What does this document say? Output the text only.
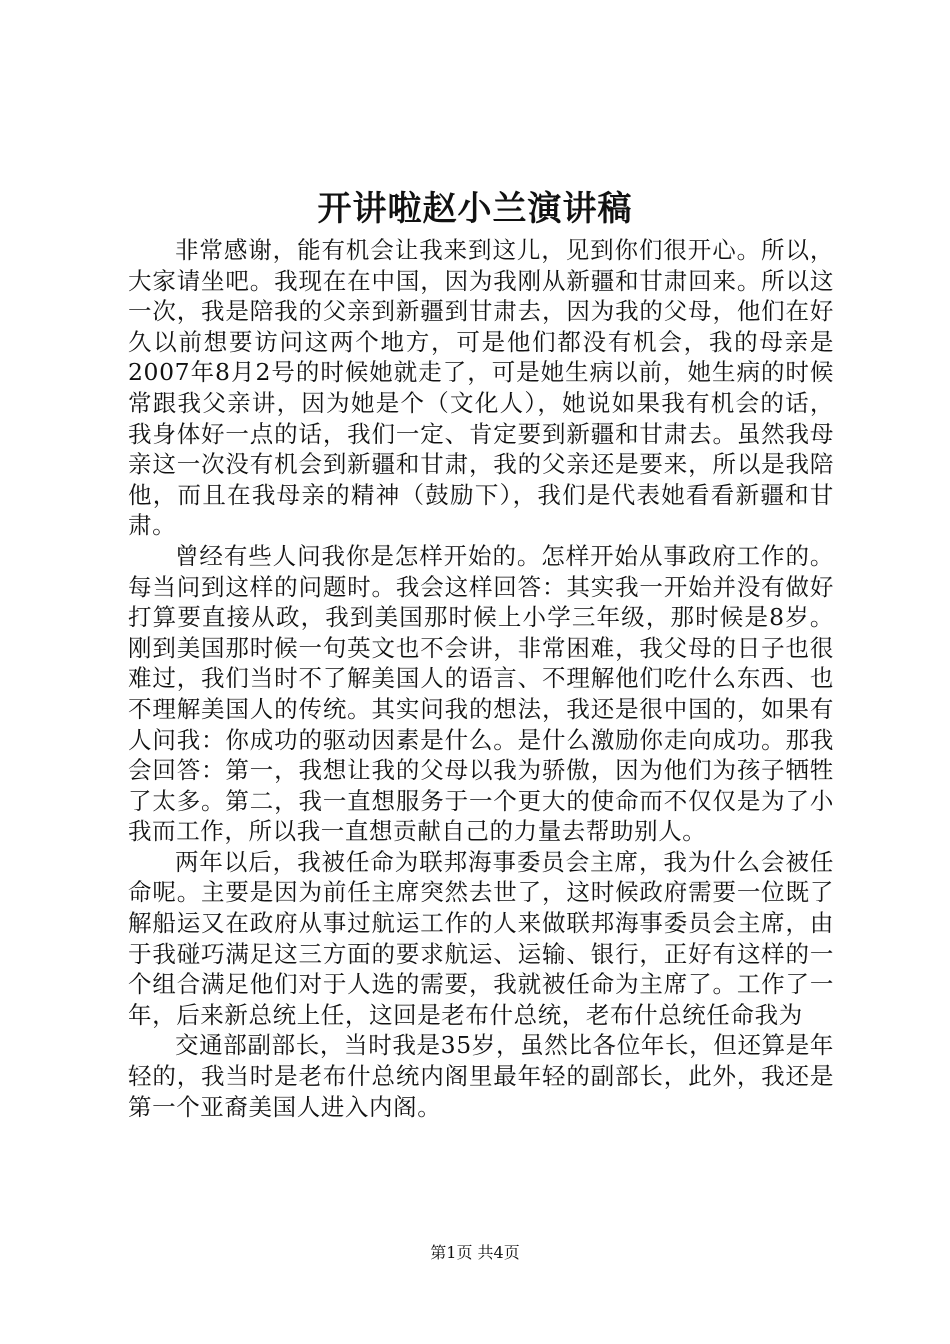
开讲啦赵小兰演讲稿

非常感谢，能有机会让我来到这儿，见到你们很开心。所以，大家请坐吧。我现在在中国，因为我刚从新疆和甘肃回来。所以这一次，我是陪我的父亲到新疆到甘肃去，因为我的父母，他们在好久以前想要访问这两个地方，可是他们都没有机会，我的母亲是2007年8月2号的时候她就走了，可是她生病以前，她生病的时候常跟我父亲讲，因为她是个（文化人），她说如果我有机会的话，我身体好一点的话，我们一定、肯定要到新疆和甘肃去。虽然我母亲这一次没有机会到新疆和甘肃，我的父亲还是要来，所以是我陪他，而且在我母亲的精神（鼓励下），我们是代表她看看新疆和甘肃。

曾经有些人问我你是怎样开始的。怎样开始从事政府工作的。每当问到这样的问题时。我会这样回答：其实我一开始并没有做好打算要直接从政，我到美国那时候上小学三年级，那时候是8岁。刚到美国那时候一句英文也不会讲，非常困难，我父母的日子也很难过，我们当时不了解美国人的语言、不理解他们吃什么东西、也不理解美国人的传统。其实问我的想法，我还是很中国的，如果有人问我：你成功的驱动因素是什么。是什么激励你走向成功。那我会回答：第一，我想让我的父母以我为骄傲，因为他们为孩子牺牲了太多。第二，我一直想服务于一个更大的使命而不仅仅是为了小我而工作，所以我一直想贡献自己的力量去帮助别人。

两年以后，我被任命为联邦海事委员会主席，我为什么会被任命呢。主要是因为前任主席突然去世了，这时候政府需要一位既了解船运又在政府从事过航运工作的人来做联邦海事委员会主席，由于我碰巧满足这三方面的要求航运、运输、银行，正好有这样的一个组合满足他们对于人选的需要，我就被任命为主席了。工作了一年，后来新总统上任，这回是老布什总统，老布什总统任命我为

交通部副部长，当时我是35岁，虽然比各位年长，但还算是年轻的，我当时是老布什总统内阁里最年轻的副部长，此外，我还是第一个亚裔美国人进入内阁。

第1页 共4页
